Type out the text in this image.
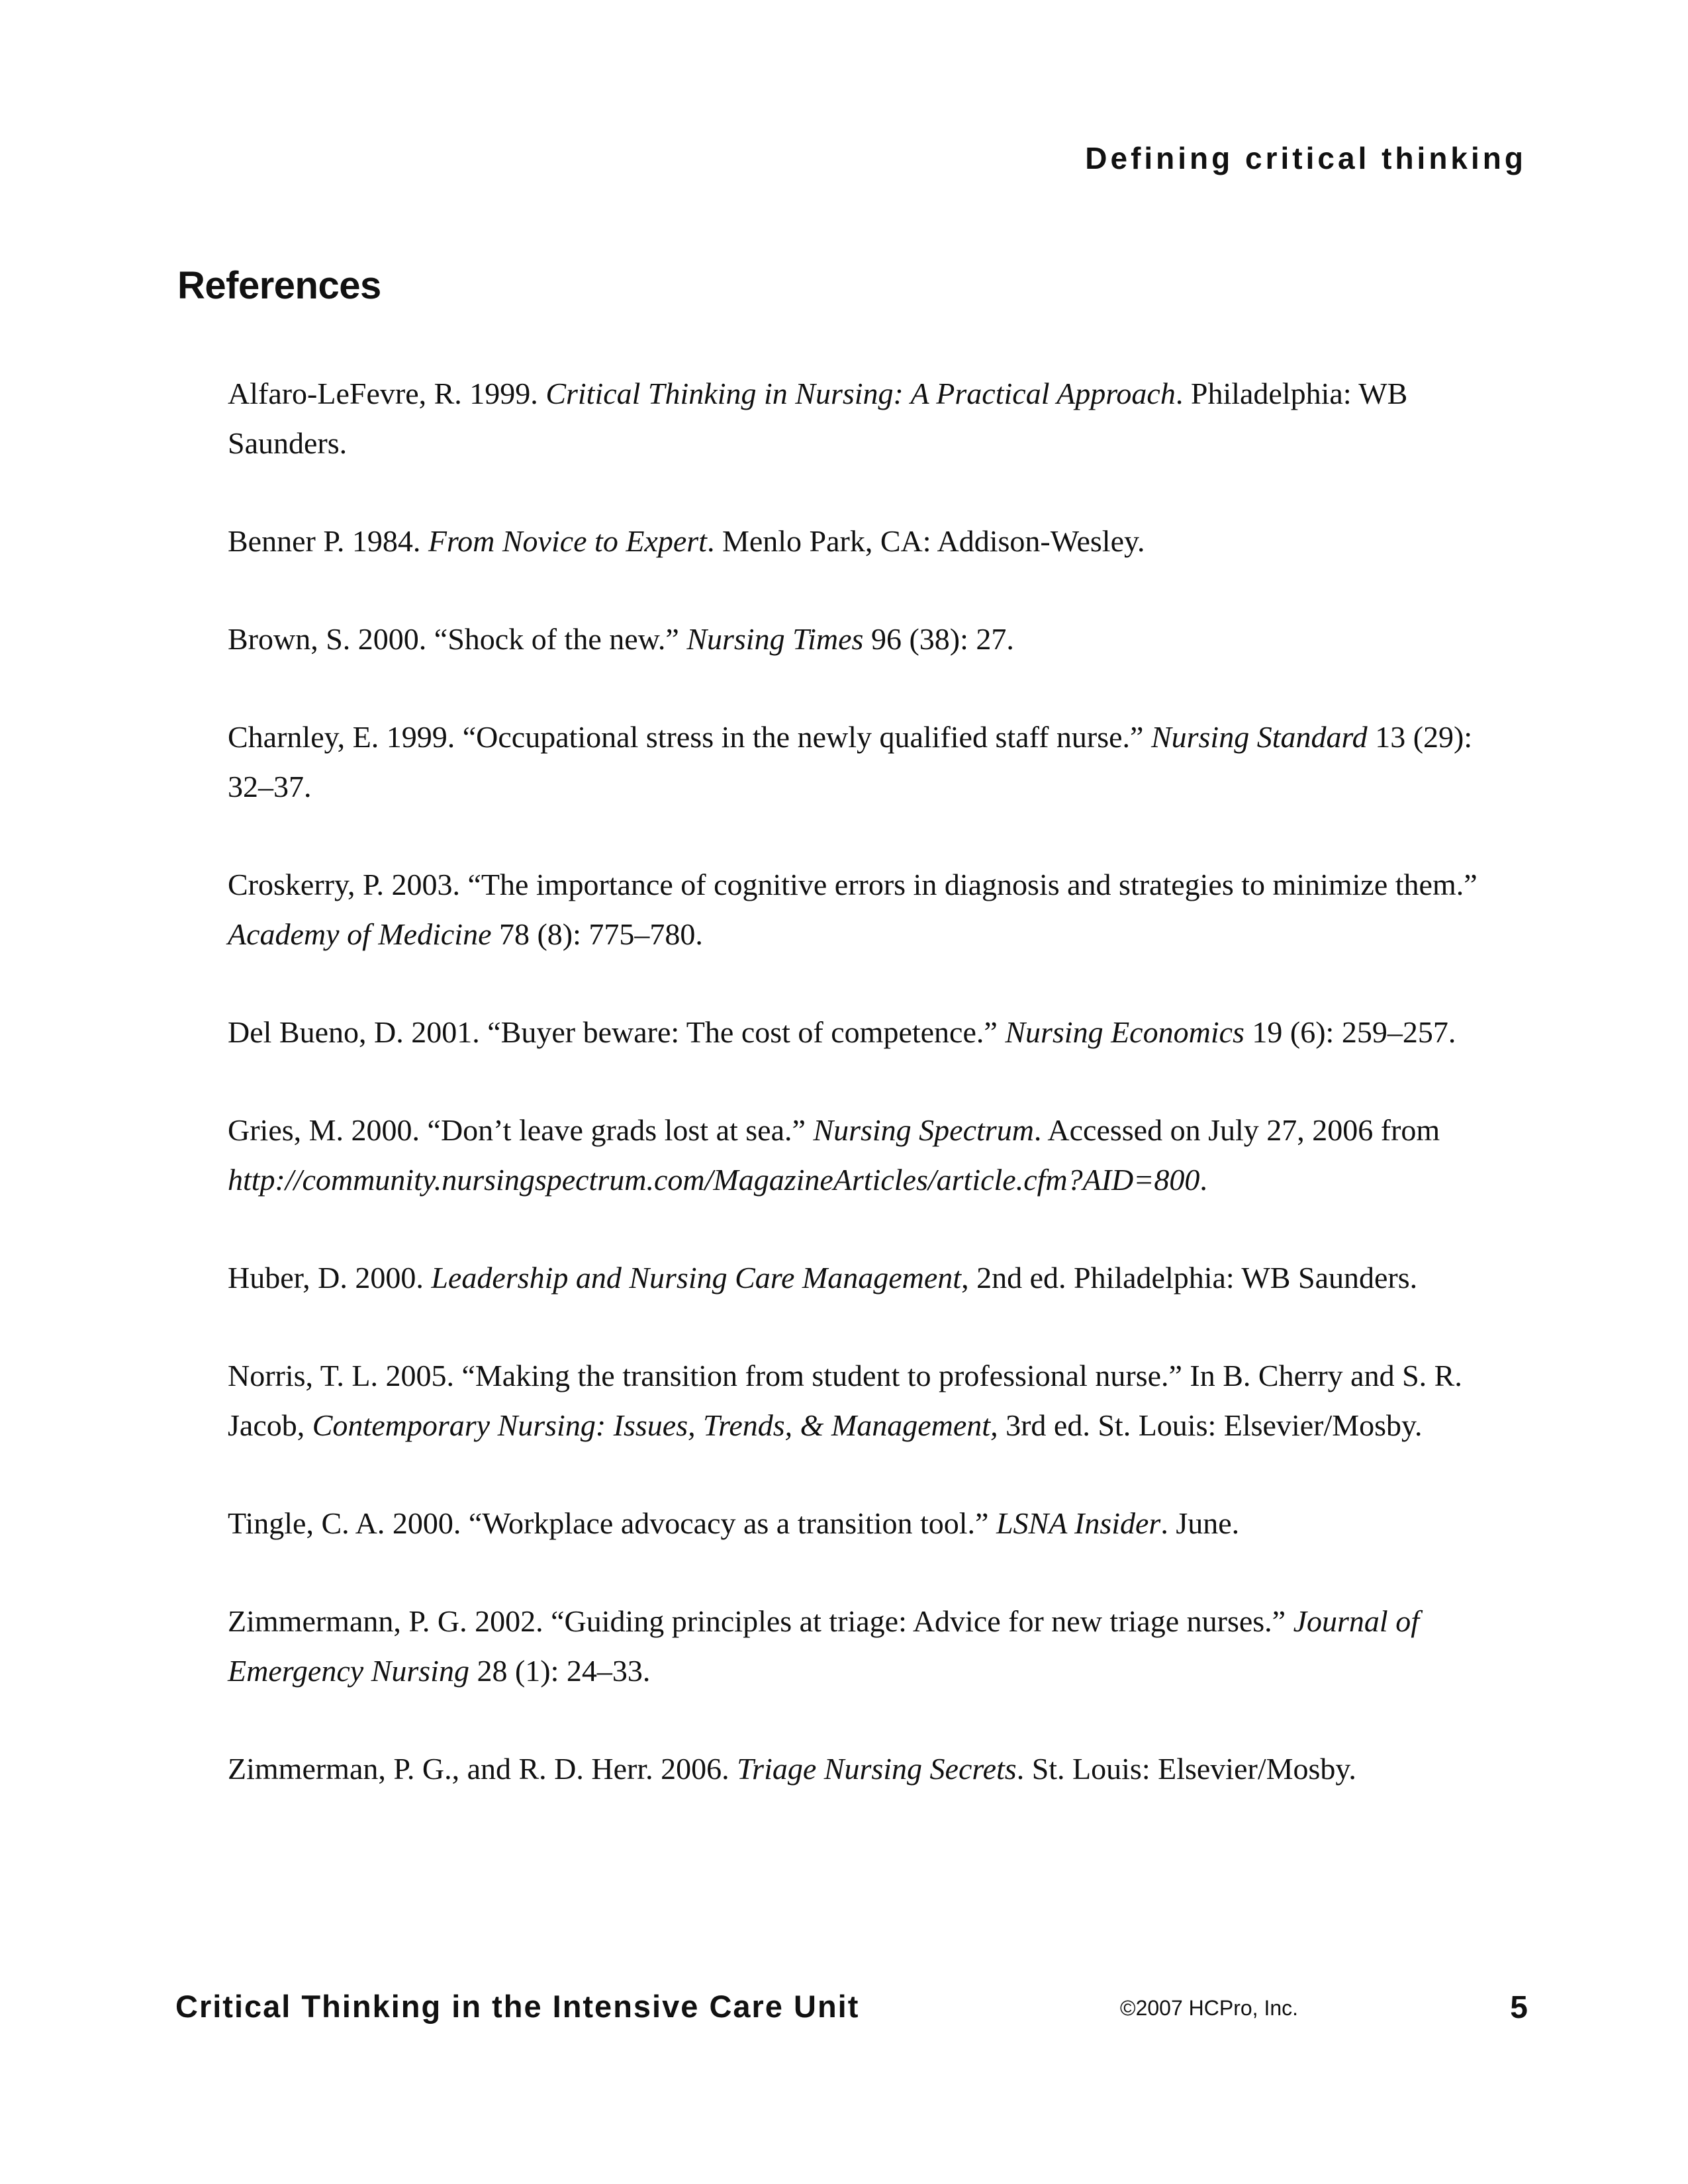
Defining critical thinking
References
Alfaro-LeFevre, R. 1999. Critical Thinking in Nursing: A Practical Approach. Philadelphia: WB Saunders.
Benner P. 1984. From Novice to Expert. Menlo Park, CA: Addison-Wesley.
Brown, S. 2000. “Shock of the new.” Nursing Times 96 (38): 27.
Charnley, E. 1999. “Occupational stress in the newly qualified staff nurse.” Nursing Standard 13 (29): 32–37.
Croskerry, P. 2003. “The importance of cognitive errors in diagnosis and strategies to minimize them.” Academy of Medicine 78 (8): 775–780.
Del Bueno, D. 2001. “Buyer beware: The cost of competence.” Nursing Economics 19 (6): 259–257.
Gries, M. 2000. “Don’t leave grads lost at sea.” Nursing Spectrum. Accessed on July 27, 2006 from http://community.nursingspectrum.com/MagazineArticles/article.cfm?AID=800.
Huber, D. 2000. Leadership and Nursing Care Management, 2nd ed. Philadelphia: WB Saunders.
Norris, T. L. 2005. “Making the transition from student to professional nurse.” In B. Cherry and S. R. Jacob, Contemporary Nursing: Issues, Trends, & Management, 3rd ed. St. Louis: Elsevier/Mosby.
Tingle, C. A. 2000. “Workplace advocacy as a transition tool.” LSNA Insider. June.
Zimmermann, P. G. 2002. “Guiding principles at triage: Advice for new triage nurses.” Journal of Emergency Nursing 28 (1): 24–33.
Zimmerman, P. G., and R. D. Herr. 2006. Triage Nursing Secrets. St. Louis: Elsevier/Mosby.
Critical Thinking in the Intensive Care Unit	©2007 HCPro, Inc.	5
